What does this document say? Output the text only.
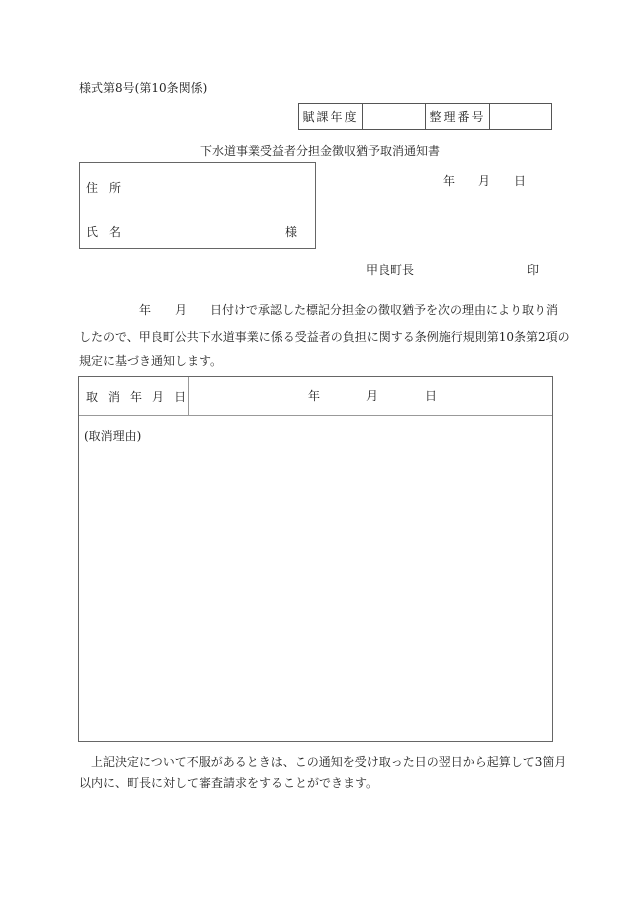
様式第8号(第10条関係)
賦課年度	整理番号
下水道事業受益者分担金徴収猶予取消通知書
住 所
氏 名	様
年 月 日
甲良町長	印
年 月 日付けで承認した標記分担金の徴収猶予を次の理由により取り消
したので、甲良町公共下水道事業に係る受益者の負担に関する条例施行規則第10条第2項の
規定に基づき通知します。
取 消 年 月 日	年	月	日
(取消理由)
上記決定について不服があるときは、この通知を受け取った日の翌日から起算して3箇月
以内に、町長に対して審査請求をすることができます。
